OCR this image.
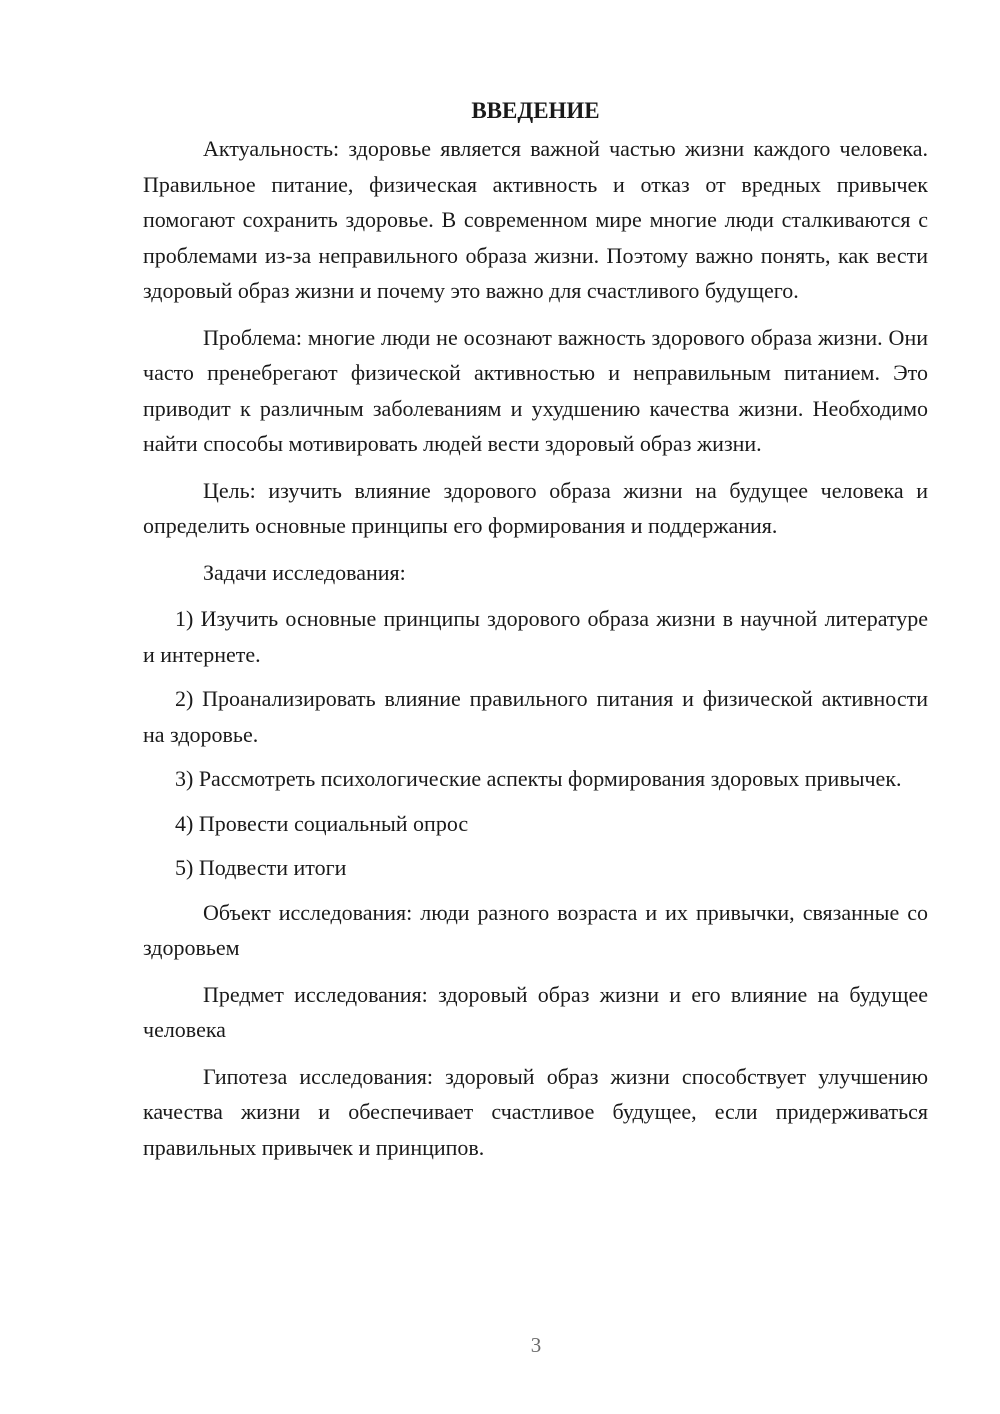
ВВЕДЕНИЕ

Актуальность: здоровье является важной частью жизни каждого человека. Правильное питание, физическая активность и отказ от вредных привычек помогают сохранить здоровье. В современном мире многие люди сталкиваются с проблемами из-за неправильного образа жизни. Поэтому важно понять, как вести здоровый образ жизни и почему это важно для счастливого будущего.

Проблема: многие люди не осознают важность здорового образа жизни. Они часто пренебрегают физической активностью и неправильным питанием. Это приводит к различным заболеваниям и ухудшению качества жизни. Необходимо найти способы мотивировать людей вести здоровый образ жизни.

Цель: изучить влияние здорового образа жизни на будущее человека и определить основные принципы его формирования и поддержания.

Задачи исследования:

1) Изучить основные принципы здорового образа жизни в научной литературе и интернете.

2) Проанализировать влияние правильного питания и физической активности на здоровье.

3) Рассмотреть психологические аспекты формирования здоровых привычек.

4) Провести социальный опрос

5) Подвести итоги

Объект исследования: люди разного возраста и их привычки, связанные со здоровьем

Предмет исследования: здоровый образ жизни и его влияние на будущее человека

Гипотеза исследования: здоровый образ жизни способствует улучшению качества жизни и обеспечивает счастливое будущее, если придерживаться правильных привычек и принципов.

3
